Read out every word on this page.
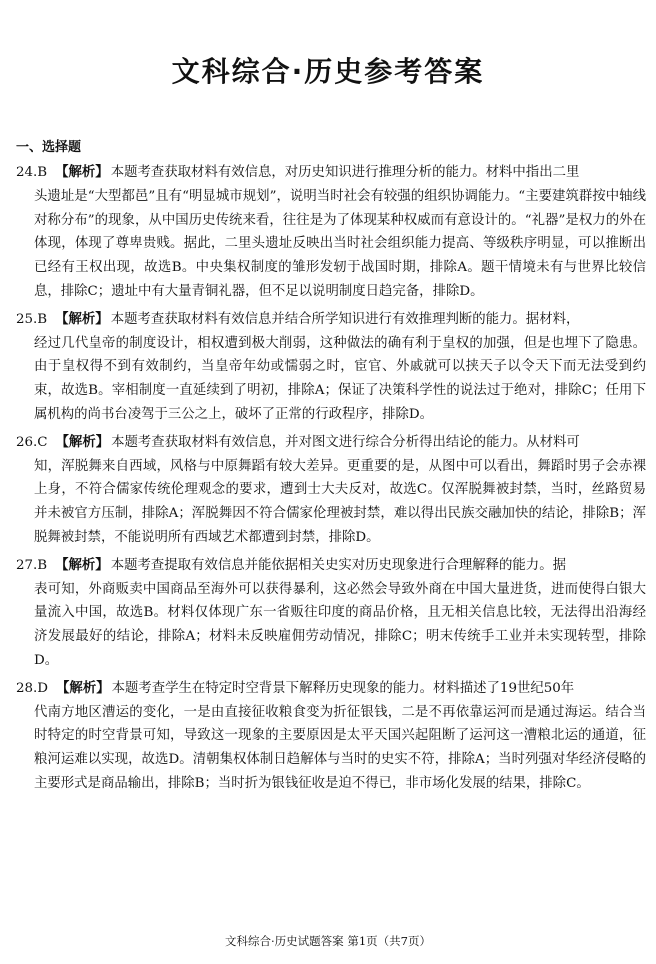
文科综合·历史参考答案
一、选择题

24.B 【解析】 本题考查获取材料有效信息，对历史知识进行推理分析的能力。材料中指出二里
头遗址是“大型都邑”且有“明显城市规划”，说明当时社会有较强的组织协调能力。“主要建筑群按中轴线对称分布”的现象，从中国历史传统来看，往往是为了体现某种权威而有意设计的。“礼器”是权力的外在体现，体现了尊卑贵贱。据此，二里头遗址反映出当时社会组织能力提高、等级秩序明显，可以推断出已经有王权出现，故选B。中央集权制度的雏形发轫于战国时期，排除A。题干情境未有与世界比较信息，排除C；遗址中有大量青铜礼器，但不足以说明制度日趋完备，排除D。

25.B 【解析】 本题考查获取材料有效信息并结合所学知识进行有效推理判断的能力。据材料，
经过几代皇帝的制度设计，相权遭到极大削弱，这种做法的确有利于皇权的加强，但是也埋下了隐患。由于皇权得不到有效制约，当皇帝年幼或懦弱之时，宦官、外戚就可以挟天子以令天下而无法受到约束，故选B。宰相制度一直延续到了明初，排除A；保证了决策科学性的说法过于绝对，排除C；任用下属机构的尚书台凌驾于三公之上，破坏了正常的行政程序，排除D。

26.C 【解析】 本题考查获取材料有效信息，并对图文进行综合分析得出结论的能力。从材料可
知，浑脱舞来自西域，风格与中原舞蹈有较大差异。更重要的是，从图中可以看出，舞蹈时男子会赤裸上身，不符合儒家传统伦理观念的要求，遭到士大夫反对，故选C。仅浑脱舞被封禁，当时，丝路贸易并未被官方压制，排除A；浑脱舞因不符合儒家伦理被封禁，难以得出民族交融加快的结论，排除B；浑脱舞被封禁，不能说明所有西域艺术都遭到封禁，排除D。

27.B 【解析】 本题考查提取有效信息并能依据相关史实对历史现象进行合理解释的能力。据
表可知，外商贩卖中国商品至海外可以获得暴利，这必然会导致外商在中国大量进货，进而使得白银大量流入中国，故选B。材料仅体现广东一省贩往印度的商品价格，且无相关信息比较，无法得出沿海经济发展最好的结论，排除A；材料未反映雇佣劳动情况，排除C；明末传统手工业并未实现转型，排除D。

28.D 【解析】 本题考查学生在特定时空背景下解释历史现象的能力。材料描述了19世纪50年
代南方地区漕运的变化，一是由直接征收粮食变为折征银钱，二是不再依靠运河而是通过海运。结合当时特定的时空背景可知，导致这一现象的主要原因是太平天国兴起阻断了运河这一漕粮北运的通道，征粮河运难以实现，故选D。清朝集权体制日趋解体与当时的史实不符，排除A；当时列强对华经济侵略的主要形式是商品输出，排除B；当时折为银钱征收是迫不得已，非市场化发展的结果，排除C。

文科综合·历史试题答案 第1页（共7页）
